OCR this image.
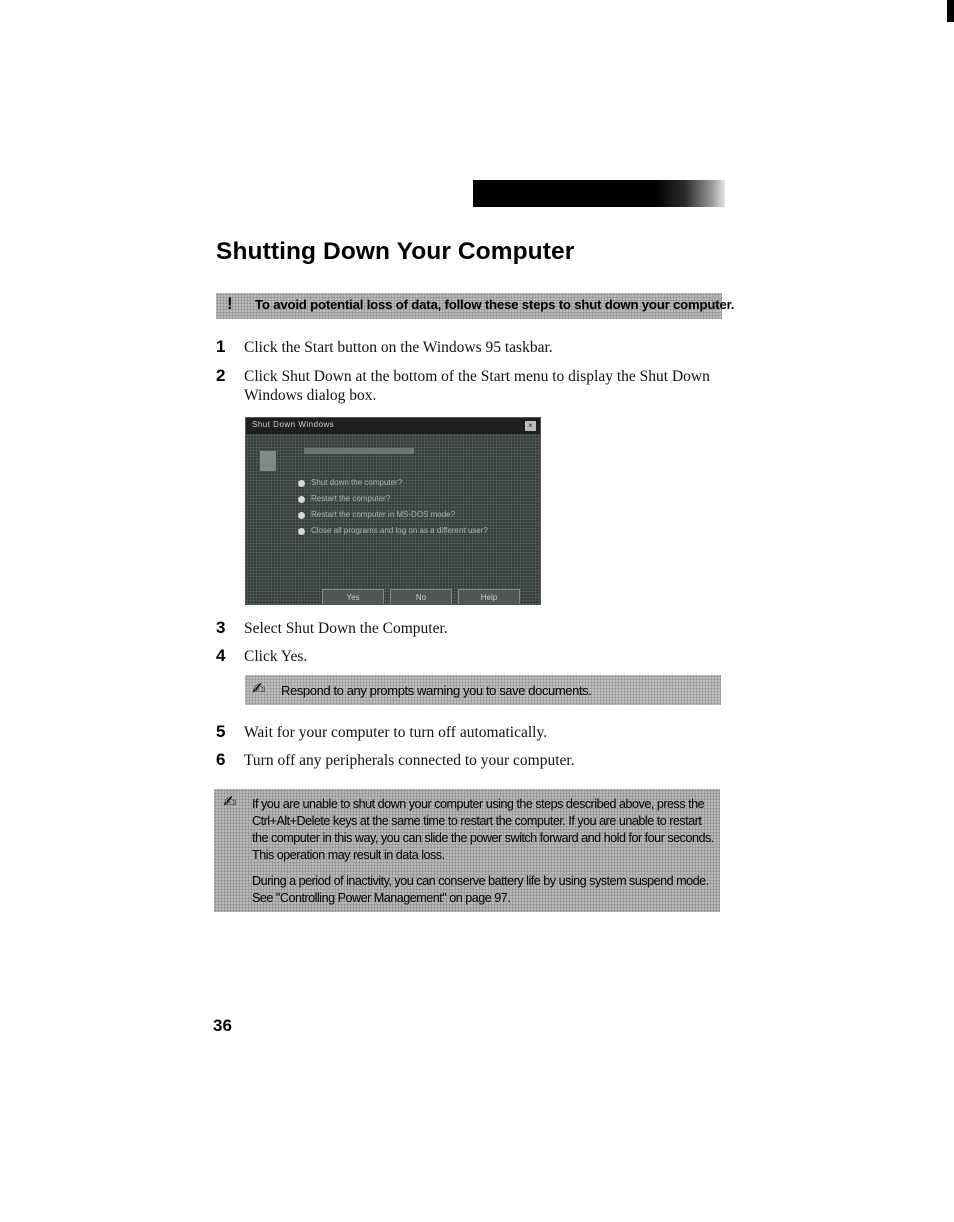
Shutting Down Your Computer
! To avoid potential loss of data, follow these steps to shut down your computer.
1 Click the Start button on the Windows 95 taskbar.
2 Click Shut Down at the bottom of the Start menu to display the Shut Down Windows dialog box.
Shut Down Windows	×
Shut down the computer?
Restart the computer?
Restart the computer in MS-DOS mode?
Close all programs and log on as a different user?
Yes	No	Help
3 Select Shut Down the Computer.
4 Click Yes.
✍ Respond to any prompts warning you to save documents.
5 Wait for your computer to turn off automatically.
6 Turn off any peripherals connected to your computer.
✍ If you are unable to shut down your computer using the steps described above, press the Ctrl+Alt+Delete keys at the same time to restart the computer. If you are unable to restart the computer in this way, you can slide the power switch forward and hold for four seconds. This operation may result in data loss.

During a period of inactivity, you can conserve battery life by using system suspend mode. See "Controlling Power Management" on page 97.

36
